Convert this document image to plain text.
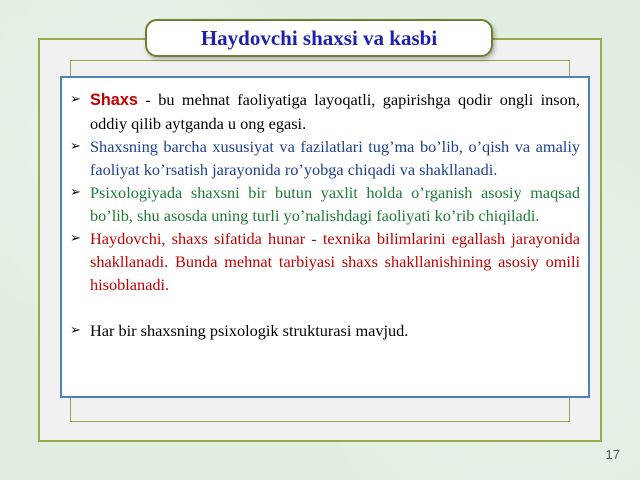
Haydovchi shaxsi va kasbi
➢ Shaxs - bu mehnat faoliyatiga layoqatli, gapirishga qodir ongli inson, oddiy qilib aytganda u ong egasi.
➢ Shaxsning barcha xususiyat va fazilatlari tug’ma bo’lib, o’qish va amaliy faoliyat ko’rsatish jarayonida ro’yobga chiqadi va shakllanadi.
➢ Psixologiyada shaxsni bir butun yaxlit holda o’rganish asosiy maqsad bo’lib, shu asosda uning turli yo’nalishdagi faoliyati ko’rib chiqiladi.
➢ Haydovchi, shaxs sifatida hunar - texnika bilimlarini egallash jarayonida shakllanadi. Bunda mehnat tarbiyasi shaxs shakllanishining asosiy omili hisoblanadi.
➢ Har bir shaxsning psixologik strukturasi mavjud.
17
